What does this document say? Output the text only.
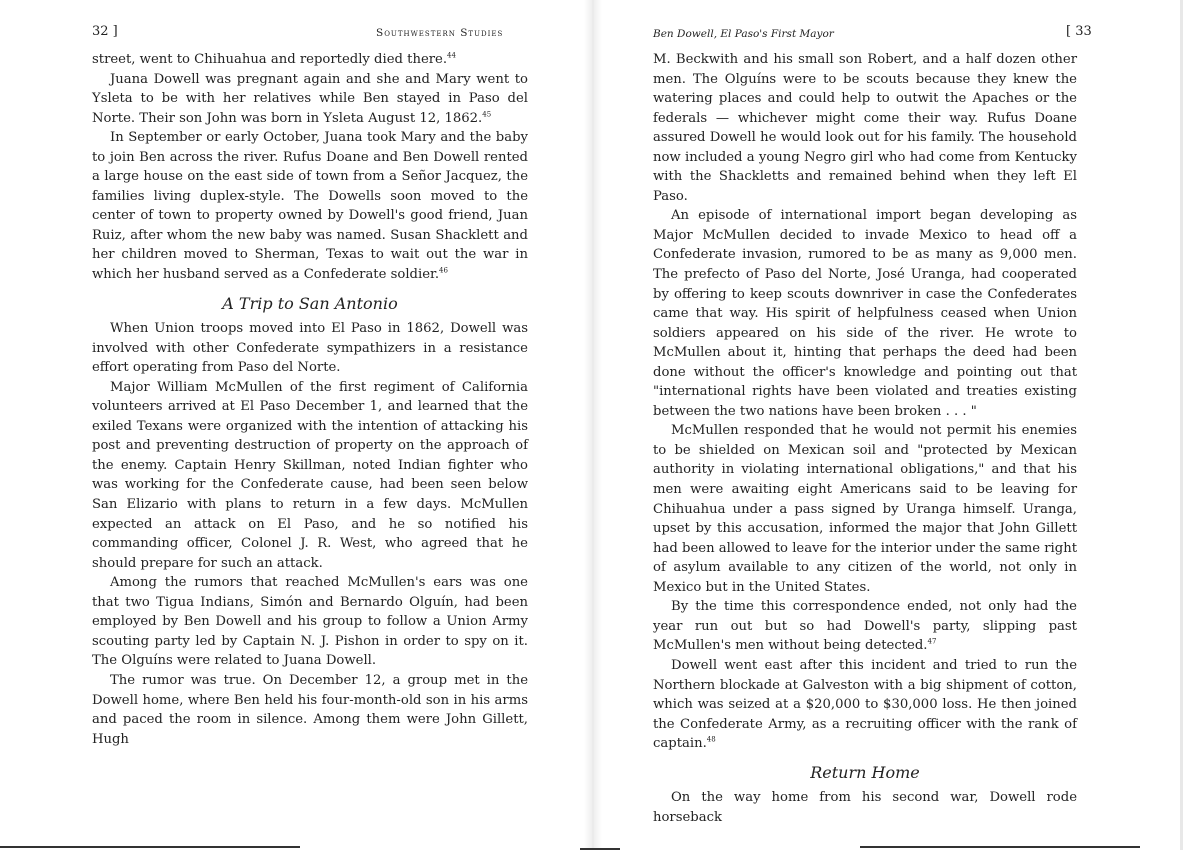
32 ]	Southwestern Studies

street, went to Chihuahua and reportedly died there.$^{44}$

Juana Dowell was pregnant again and she and Mary went to Ysleta to be with her relatives while Ben stayed in Paso del Norte. Their son John was born in Ysleta August 12, 1862.45

In September or early October, Juana took Mary and the baby to join Ben across the river. Rufus Doane and Ben Dowell rented a large house on the east side of town from a Señor Jacquez, the families living duplex-style. The Dowells soon moved to the center of town to property owned by Dowell's good friend, Juan Ruiz, after whom the new baby was named. Susan Shacklett and her children moved to Sherman, Texas to wait out the war in which her husband served as a Confederate soldier.$^{46}$

A Trip to San Antonio

When Union troops moved into El Paso in 1862, Dowell was involved with other Confederate sympathizers in a resistance effort operating from Paso del Norte.

Major William McMullen of the first regiment of California volunteers arrived at El Paso December 1, and learned that the exiled Texans were organized with the intention of attacking his post and preventing destruction of property on the approach of the enemy. Captain Henry Skillman, noted Indian fighter who was working for the Confederate cause, had been seen below San Elizario with plans to return in a few days. McMullen expected an attack on El Paso, and he so notified his commanding officer, Colonel J. R. West, who agreed that he should prepare for such an attack.

Among the rumors that reached McMullen's ears was one that two Tigua Indians, Simón and Bernardo Olguín, had been employed by Ben Dowell and his group to follow a Union Army scouting party led by Captain N. J. Pishon in order to spy on it. The Olguíns were related to Juana Dowell.

The rumor was true. On December 12, a group met in the Dowell home, where Ben held his four-month-old son in his arms and paced the room in silence. Among them were John Gillett, Hugh

Ben Dowell, El Paso's First Mayor	[ 33

M. Beckwith and his small son Robert, and a half dozen other men. The Olguíns were to be scouts because they knew the watering places and could help to outwit the Apaches or the federals — whichever might come their way. Rufus Doane assured Dowell he would look out for his family. The household now included a young Negro girl who had come from Kentucky with the Shackletts and remained behind when they left El Paso.

An episode of international import began developing as Major McMullen decided to invade Mexico to head off a Confederate invasion, rumored to be as many as 9,000 men. The prefecto of Paso del Norte, José Uranga, had cooperated by offering to keep scouts downriver in case the Confederates came that way. His spirit of helpfulness ceased when Union soldiers appeared on his side of the river. He wrote to McMullen about it, hinting that perhaps the deed had been done without the officer's knowledge and pointing out that "international rights have been violated and treaties existing between the two nations have been broken . . . "

McMullen responded that he would not permit his enemies to be shielded on Mexican soil and "protected by Mexican authority in violating international obligations," and that his men were awaiting eight Americans said to be leaving for Chihuahua under a pass signed by Uranga himself. Uranga, upset by this accusation, informed the major that John Gillett had been allowed to leave for the interior under the same right of asylum available to any citizen of the world, not only in Mexico but in the United States.

By the time this correspondence ended, not only had the year run out but so had Dowell's party, slipping past McMullen's men without being detected.$^{47}$

Dowell went east after this incident and tried to run the Northern blockade at Galveston with a big shipment of cotton, which was seized at a $20,000 to $30,000 loss. He then joined the Confederate Army, as a recruiting officer with the rank of captain.$^{48}$

Return Home

On the way home from his second war, Dowell rode horseback
